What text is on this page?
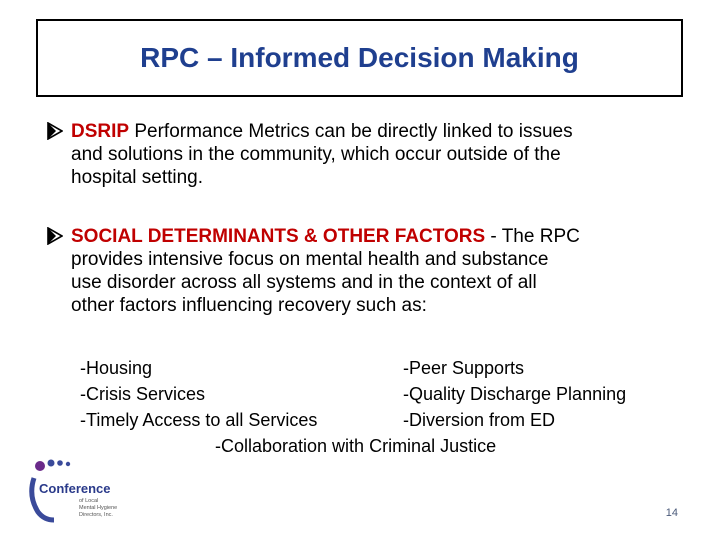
RPC – Informed Decision Making
DSRIP Performance Metrics can be directly linked to issues
and solutions in the community, which occur outside of the
hospital setting.
SOCIAL DETERMINANTS & OTHER FACTORS - The RPC
provides intensive focus on mental health and substance
use disorder across all systems and in the context of all
other factors influencing recovery such as:
-Housing	-Peer Supports
-Crisis Services	-Quality Discharge Planning
-Timely Access to all Services	-Diversion from ED
-Collaboration with Criminal Justice
Conference
of Local
Mental Hygiene
Directors, Inc.	14
